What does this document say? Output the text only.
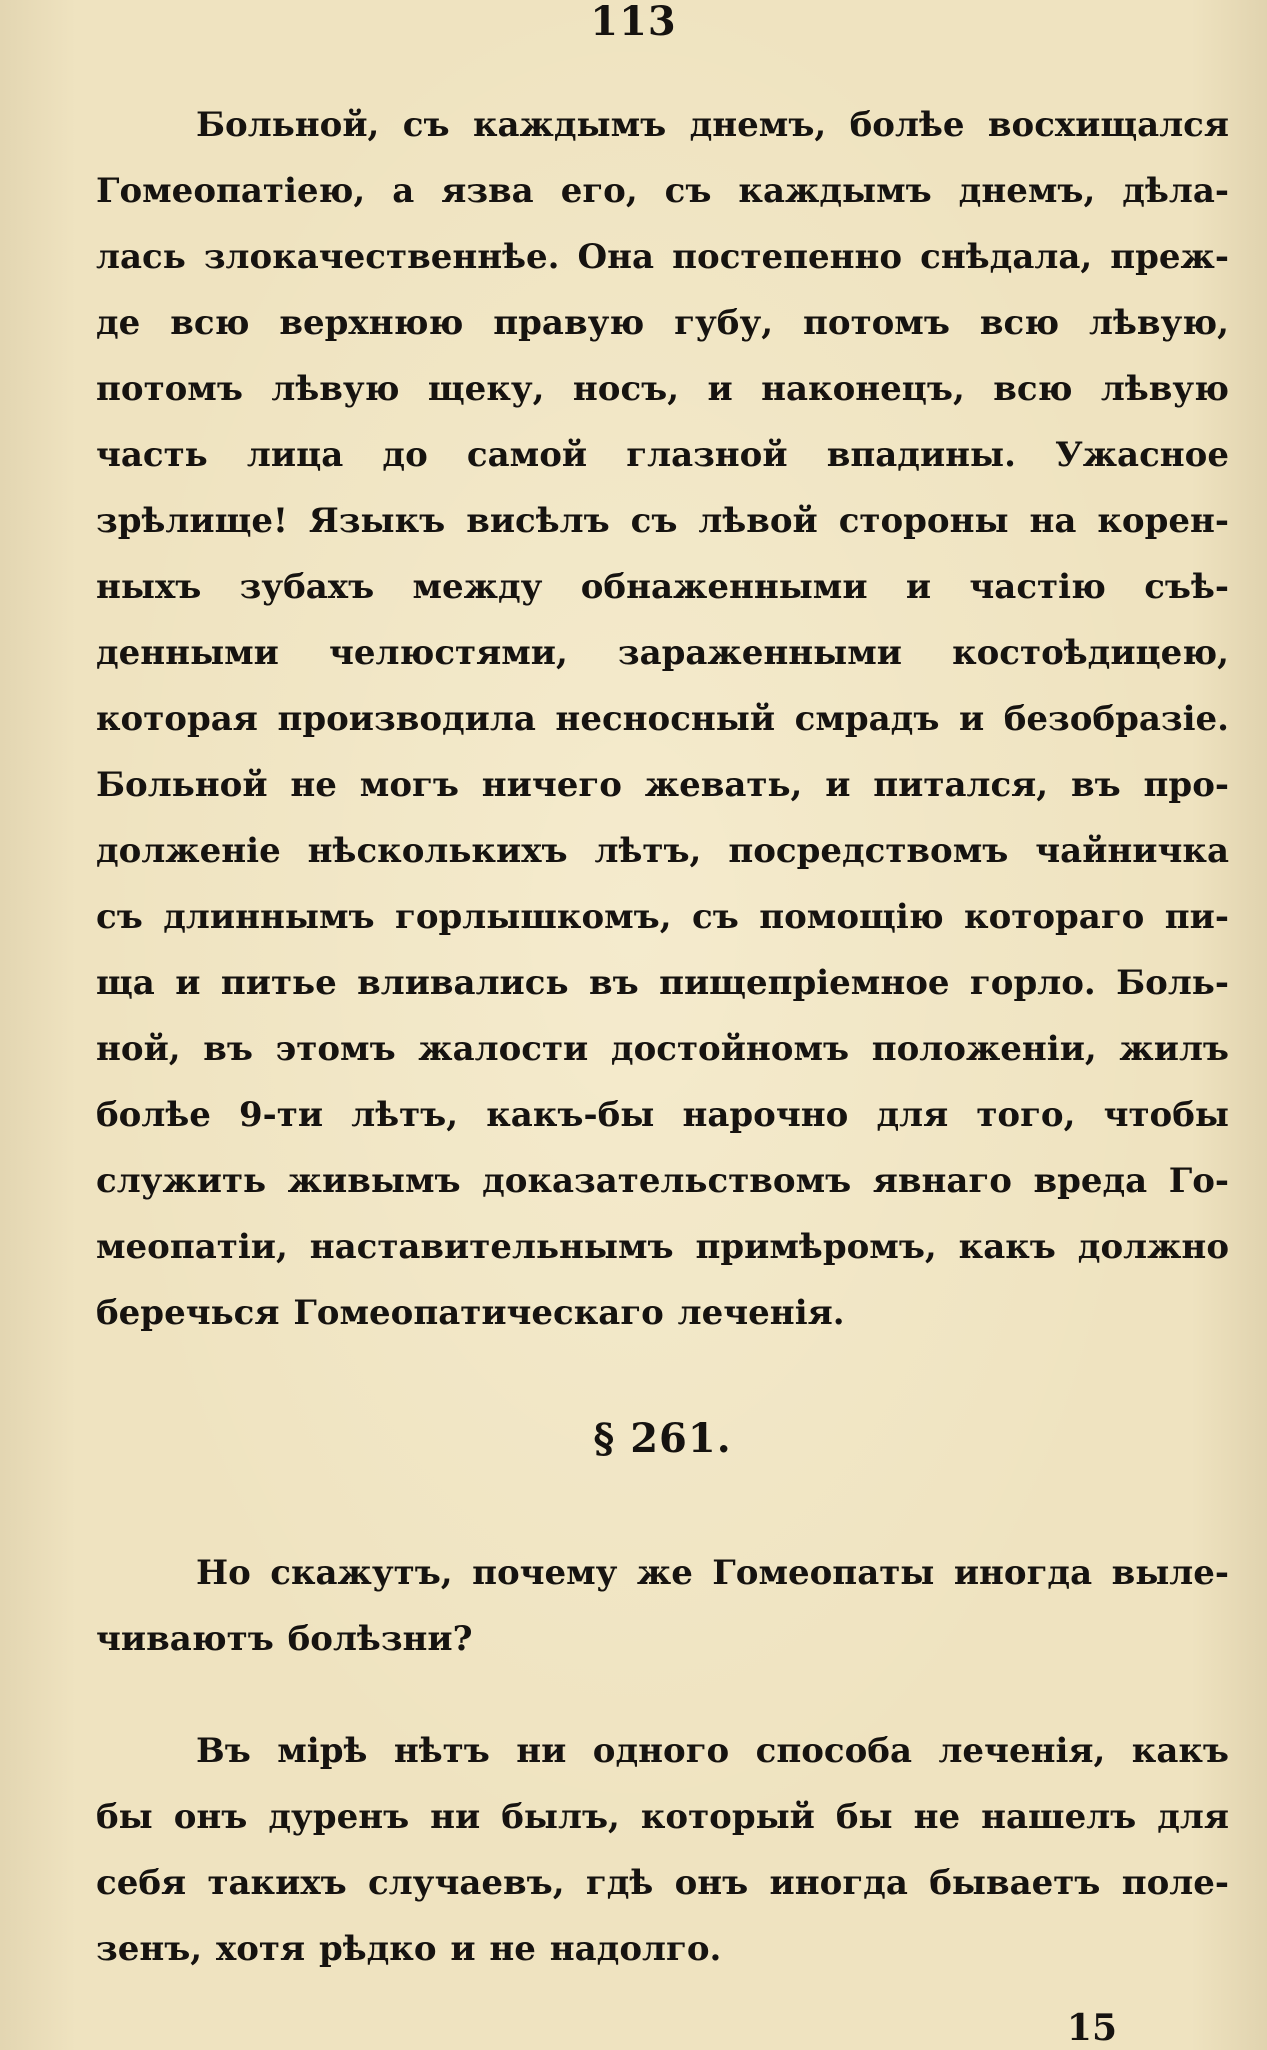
113

Больной, съ каждымъ днемъ, болѣе восхищался
Гомеопатіею, а язва его, съ каждымъ днемъ, дѣла-
лась злокачественнѣе. Она постепенно снѣдала, преж-
де всю верхнюю правую губу, потомъ всю лѣвую,
потомъ лѣвую щеку, носъ, и наконецъ, всю лѣвую
часть лица до самой глазной впадины. Ужасное
зрѣлище! Языкъ висѣлъ съ лѣвой стороны на корен-
ныхъ зубахъ между обнаженными и частію съѣ-
денными челюстями, зараженными костоѣдицею,
которая производила несносный смрадъ и безобразіе.
Больной не могъ ничего жевать, и питался, въ про-
долженіе нѣсколькихъ лѣтъ, посредствомъ чайничка
съ длиннымъ горлышкомъ, съ помощію котораго пи-
ща и питье вливались въ пищепріемное горло. Боль-
ной, въ этомъ жалости достойномъ положеніи, жилъ
болѣе 9-ти лѣтъ, какъ-бы нарочно для того, чтобы
служить живымъ доказательствомъ явнаго вреда Го-
меопатіи, наставительнымъ примѣромъ, какъ должно
беречься Гомеопатическаго леченія.

§ 261.

Но скажутъ, почему же Гомеопаты иногда выле-
чиваютъ болѣзни?

Въ мірѣ нѣтъ ни одного способа леченія, какъ
бы онъ дуренъ ни былъ, который бы не нашелъ для
себя такихъ случаевъ, гдѣ онъ иногда бываетъ поле-
зенъ, хотя рѣдко и не надолго.

15
